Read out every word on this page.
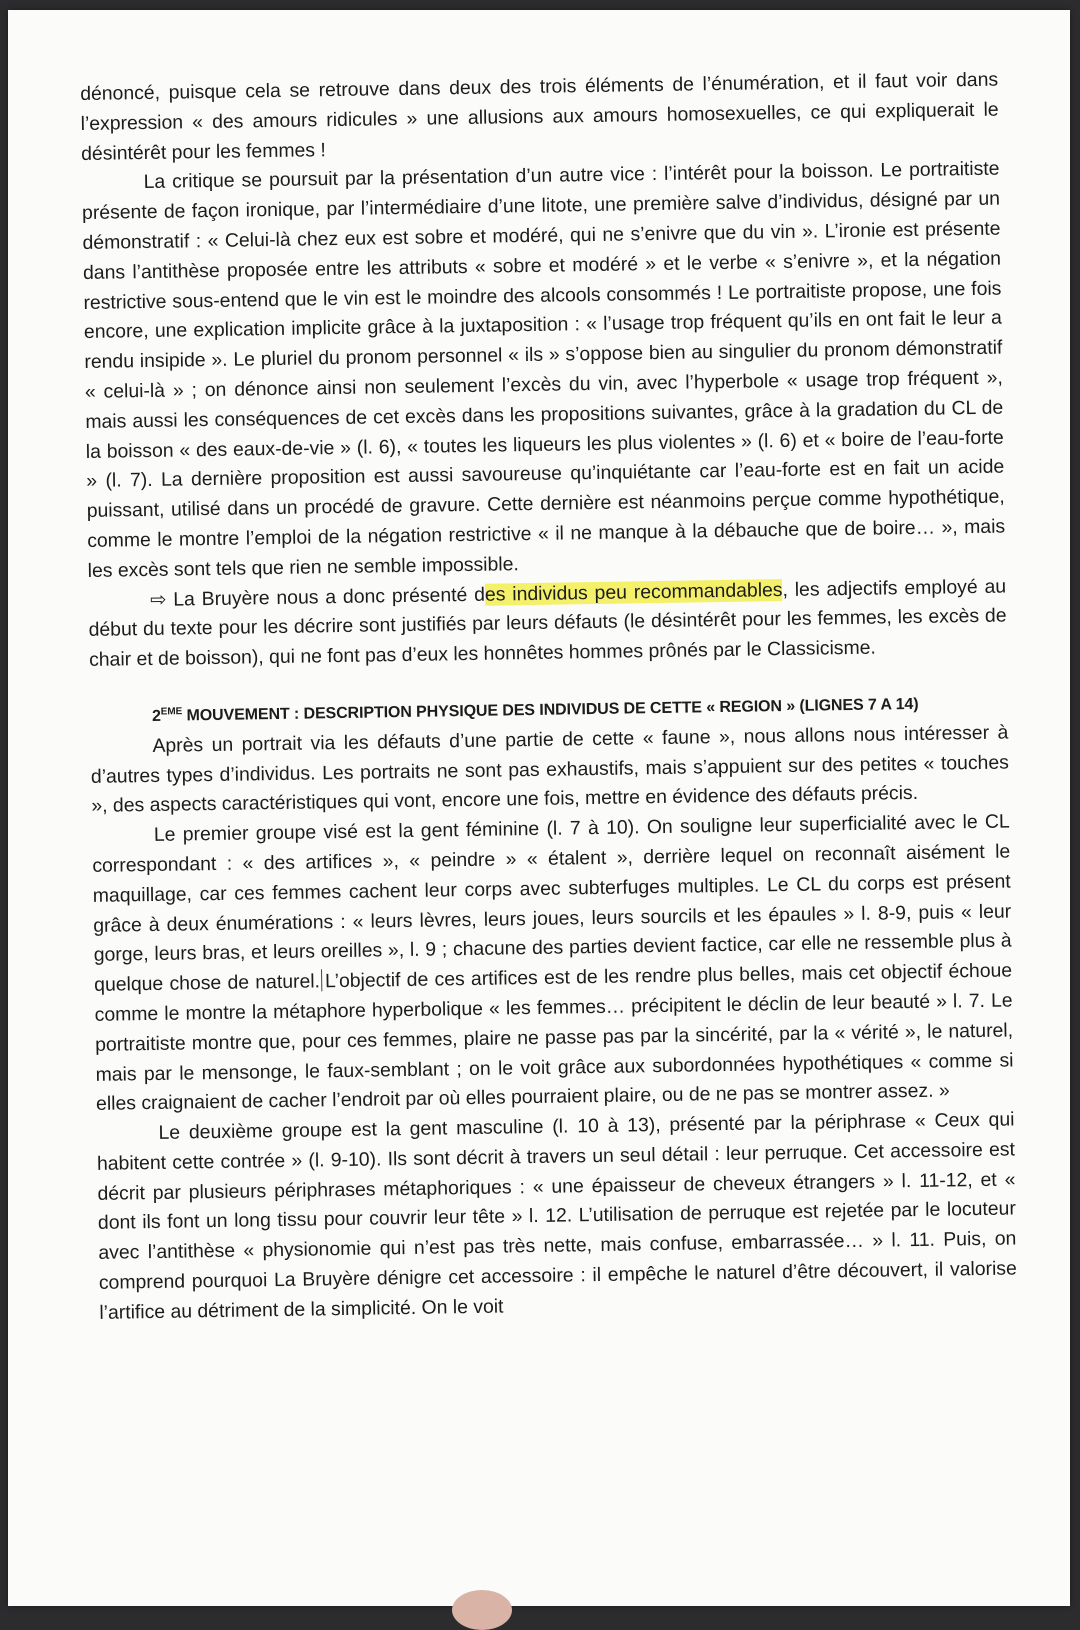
dénoncé, puisque cela se retrouve dans deux des trois éléments de l’énumération, et il faut voir dans l’expression « des amours ridicules » une allusions aux amours homosexuelles, ce qui expliquerait le désintérêt pour les femmes !

La critique se poursuit par la présentation d’un autre vice : l’intérêt pour la boisson. Le portraitiste présente de façon ironique, par l’intermédiaire d’une litote, une première salve d’individus, désigné par un démonstratif : « Celui-là chez eux est sobre et modéré, qui ne s’enivre que du vin ». L’ironie est présente dans l’antithèse proposée entre les attributs « sobre et modéré » et le verbe « s’enivre », et la négation restrictive sous-entend que le vin est le moindre des alcools consommés ! Le portraitiste propose, une fois encore, une explication implicite grâce à la juxtaposition : « l’usage trop fréquent qu’ils en ont fait le leur a rendu insipide ». Le pluriel du pronom personnel « ils » s’oppose bien au singulier du pronom démonstratif « celui-là » ; on dénonce ainsi non seulement l’excès du vin, avec l’hyperbole « usage trop fréquent », mais aussi les conséquences de cet excès dans les propositions suivantes, grâce à la gradation du CL de la boisson « des eaux-de-vie » (l. 6), « toutes les liqueurs les plus violentes » (l. 6) et « boire de l’eau-forte » (l. 7). La dernière proposition est aussi savoureuse qu’inquiétante car l’eau-forte est en fait un acide puissant, utilisé dans un procédé de gravure. Cette dernière est néanmoins perçue comme hypothétique, comme le montre l’emploi de la négation restrictive « il ne manque à la débauche que de boire… », mais les excès sont tels que rien ne semble impossible.

⇨ La Bruyère nous a donc présenté des individus peu recommandables, les adjectifs employé au début du texte pour les décrire sont justifiés par leurs défauts (le désintérêt pour les femmes, les excès de chair et de boisson), qui ne font pas d’eux les honnêtes hommes prônés par le Classicisme.

2EME MOUVEMENT : DESCRIPTION PHYSIQUE DES INDIVIDUS DE CETTE « REGION » (LIGNES 7 A 14)

Après un portrait via les défauts d’une partie de cette « faune », nous allons nous intéresser à d’autres types d’individus. Les portraits ne sont pas exhaustifs, mais s’appuient sur des petites « touches », des aspects caractéristiques qui vont, encore une fois, mettre en évidence des défauts précis.

Le premier groupe visé est la gent féminine (l. 7 à 10). On souligne leur superficialité avec le CL correspondant : « des artifices », « peindre » « étalent », derrière lequel on reconnaît aisément le maquillage, car ces femmes cachent leur corps avec subterfuges multiples. Le CL du corps est présent grâce à deux énumérations : « leurs lèvres, leurs joues, leurs sourcils et les épaules » l. 8-9, puis « leur gorge, leurs bras, et leurs oreilles », l. 9 ; chacune des parties devient factice, car elle ne ressemble plus à quelque chose de naturel. L’objectif de ces artifices est de les rendre plus belles, mais cet objectif échoue comme le montre la métaphore hyperbolique « les femmes… précipitent le déclin de leur beauté » l. 7. Le portraitiste montre que, pour ces femmes, plaire ne passe pas par la sincérité, par la « vérité », le naturel, mais par le mensonge, le faux-semblant ; on le voit grâce aux subordonnées hypothétiques « comme si elles craignaient de cacher l’endroit par où elles pourraient plaire, ou de ne pas se montrer assez. »

Le deuxième groupe est la gent masculine (l. 10 à 13), présenté par la périphrase « Ceux qui habitent cette contrée » (l. 9-10). Ils sont décrit à travers un seul détail : leur perruque. Cet accessoire est décrit par plusieurs périphrases métaphoriques : « une épaisseur de cheveux étrangers » l. 11-12, et « dont ils font un long tissu pour couvrir leur tête » l. 12. L’utilisation de perruque est rejetée par le locuteur avec l’antithèse « physionomie qui n’est pas très nette, mais confuse, embarrassée… » l. 11. Puis, on comprend pourquoi La Bruyère dénigre cet accessoire : il empêche le naturel d’être découvert, il valorise l’artifice au détriment de la simplicité. On le voit
